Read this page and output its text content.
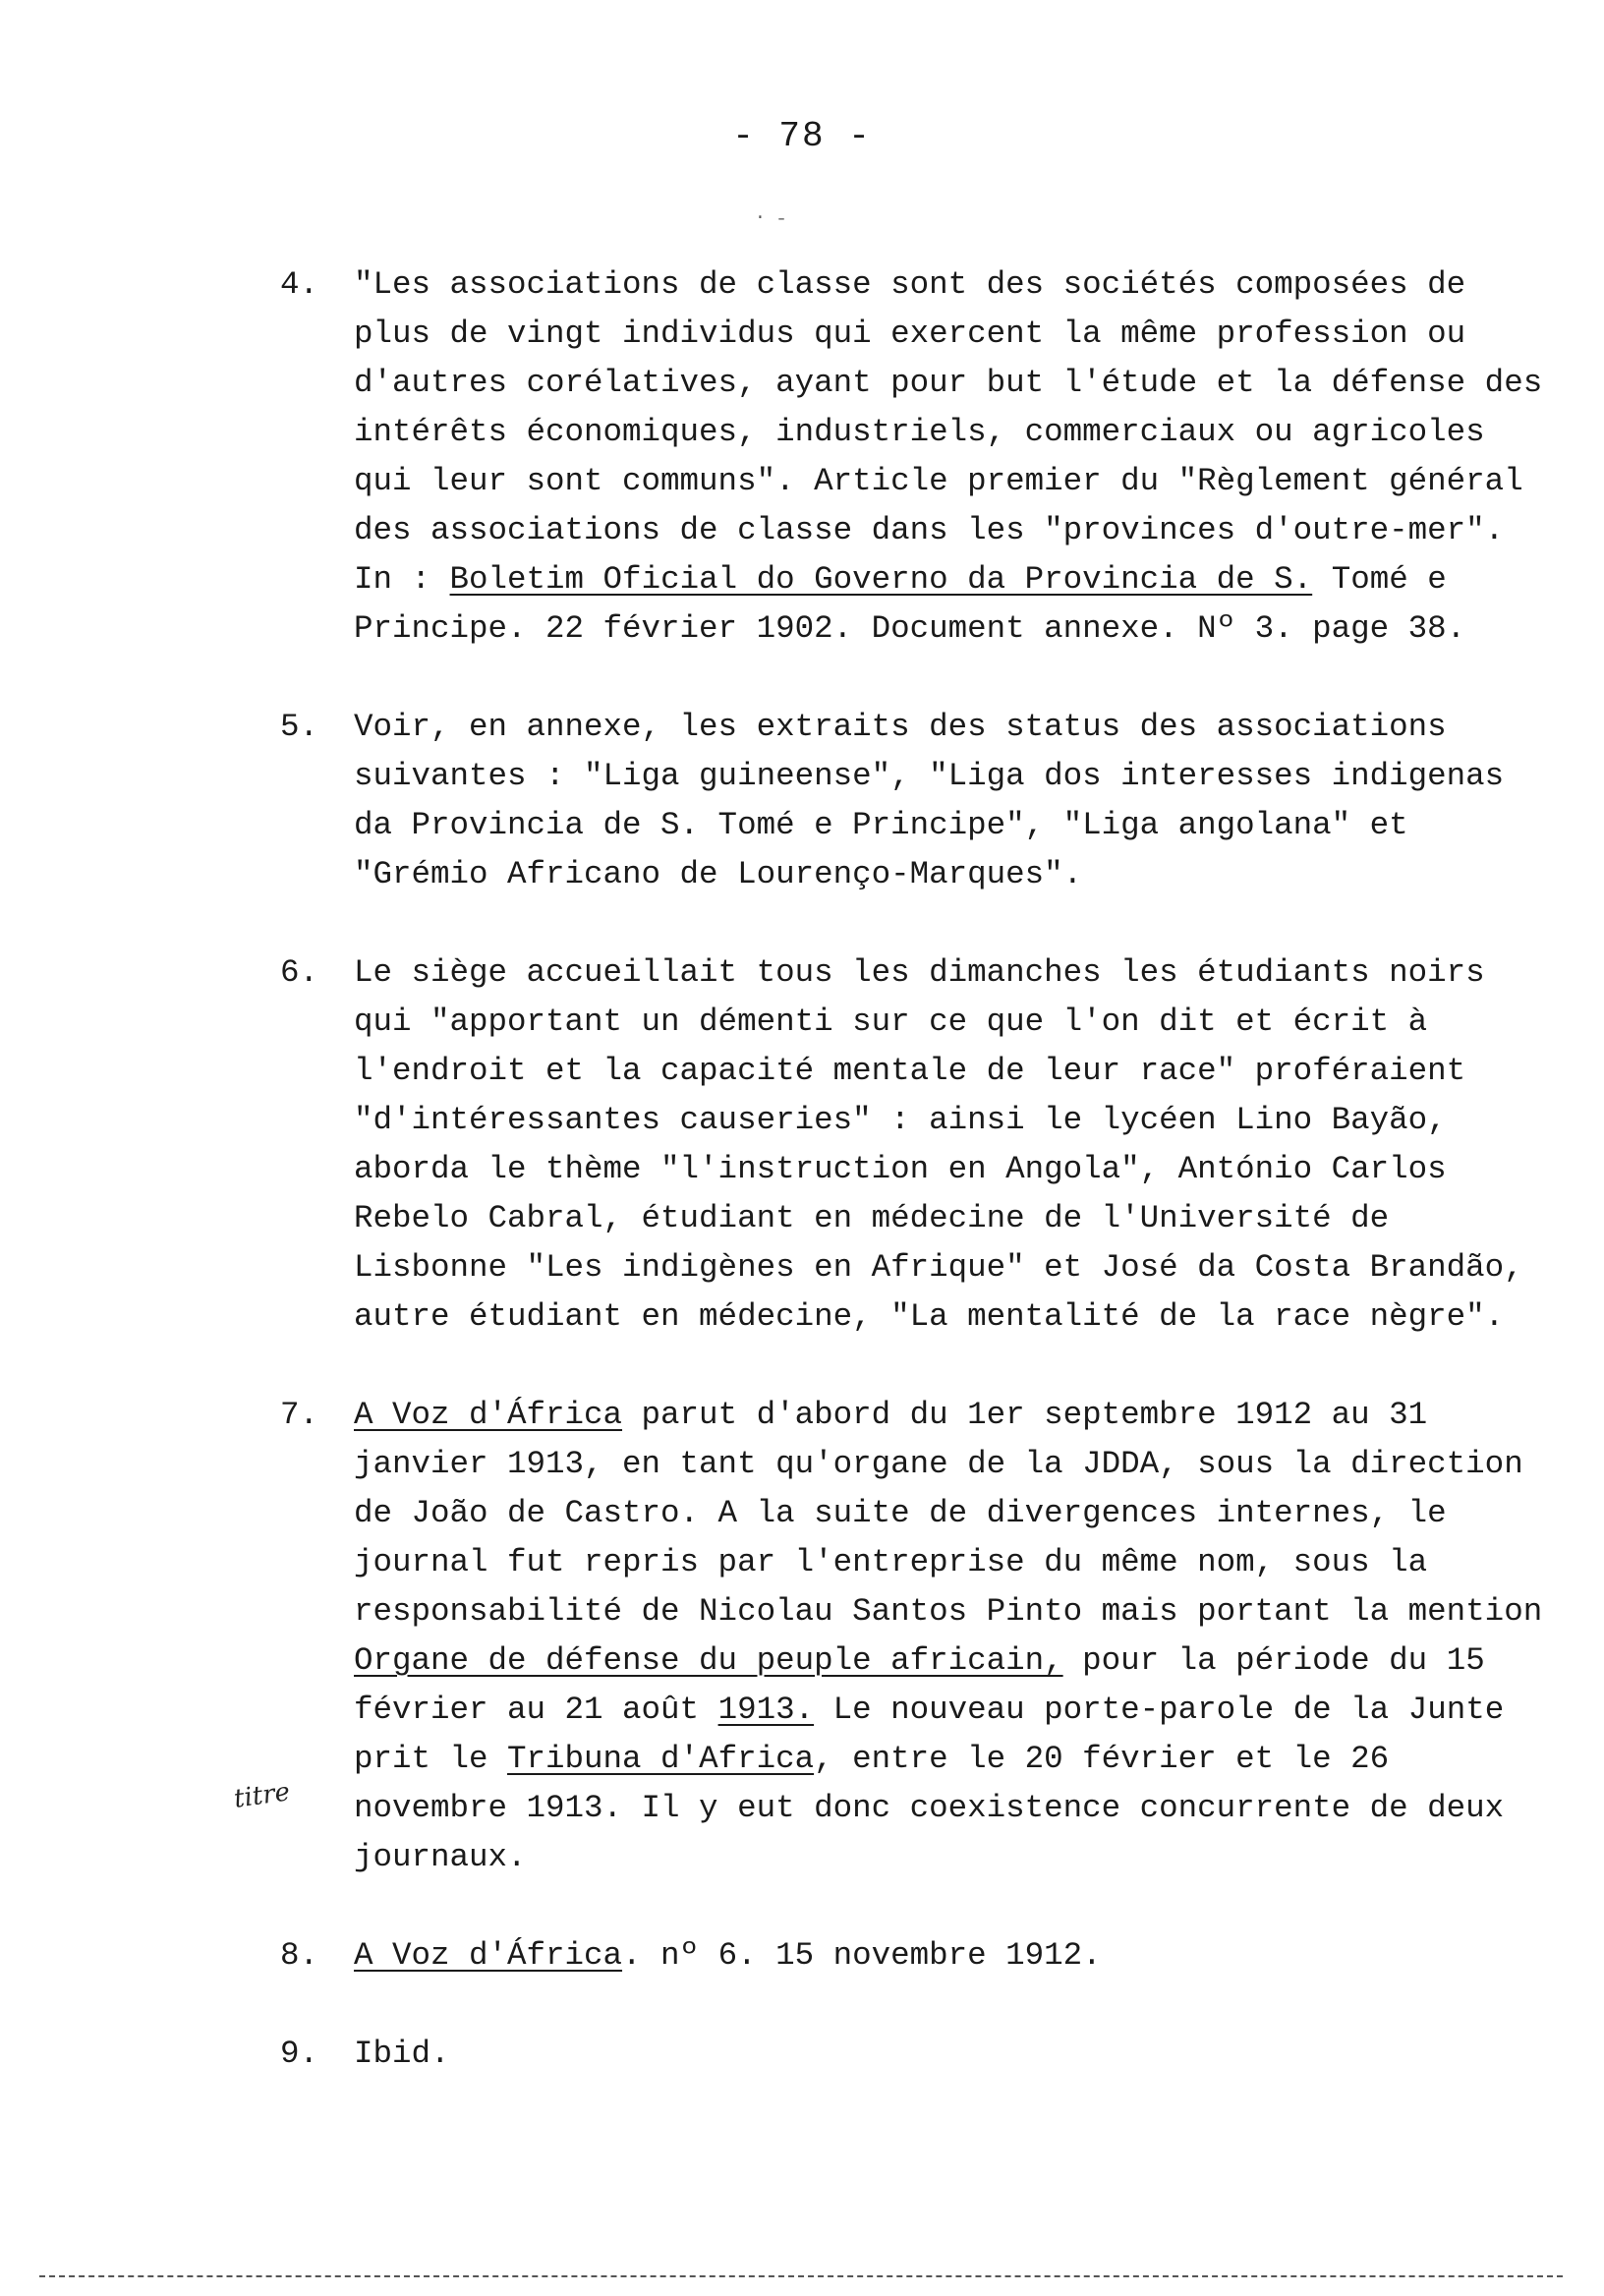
- 78 -
· ˗
4. "Les associations de classe sont des sociétés composées de plus de vingt individus qui exercent la même profession ou d'autres corélatives, ayant pour but l'étude et la défense des intérêts économiques, industriels, commerciaux ou agricoles qui leur sont communs". Article premier du "Règlement général des associations de classe dans les "provinces d'outre-mer". In : Boletim Oficial do Governo da Provincia de S. Tomé e Principe. 22 février 1902. Document annexe. Nº 3. page 38.
5. Voir, en annexe, les extraits des status des associations suivantes : "Liga guineense", "Liga dos interesses indigenas da Provincia de S. Tomé e Principe", "Liga angolana" et "Grémio Africano de Lourenço-Marques".
6. Le siège accueillait tous les dimanches les étudiants noirs qui "apportant un démenti sur ce que l'on dit et écrit à l'endroit et la capacité mentale de leur race" proféraient "d'intéressantes causeries" : ainsi le lycéen Lino Bayão, aborda le thème "l'instruction en Angola", António Carlos Rebelo Cabral, étudiant en médecine de l'Université de Lisbonne "Les indigènes en Afrique" et José da Costa Brandão, autre étudiant en médecine, "La mentalité de la race nègre".
7. A Voz d'África parut d'abord du 1er septembre 1912 au 31 janvier 1913, en tant qu'organe de la JDDA, sous la direction de João de Castro. A la suite de divergences internes, le journal fut repris par l'entreprise du même nom, sous la responsabilité de Nicolau Santos Pinto mais portant la mention Organe de défense du peuple africain, pour la période du 15 février au 21 août 1913. Le nouveau porte-parole de la Junte prit le Tribuna d'Africa, entre le 20 février et le 26 novembre 1913. Il y eut donc coexistence concurrente de deux journaux.
8. A Voz d'África. nº 6. 15 novembre 1912.
9. Ibid.
titre
